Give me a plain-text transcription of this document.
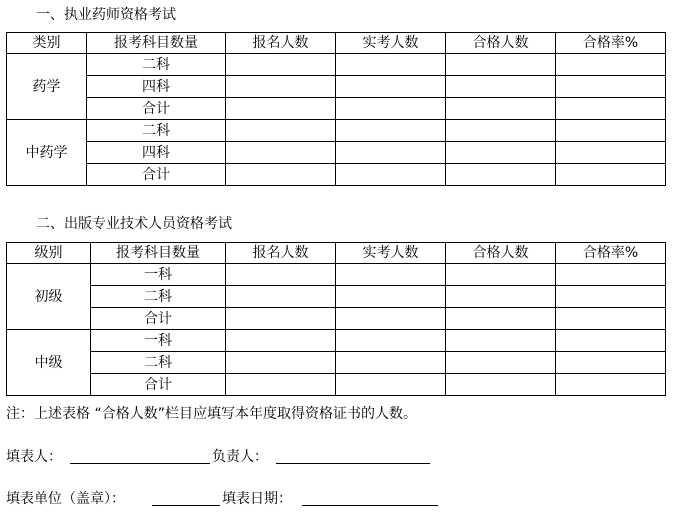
一、执业药师资格考试
类别	报考科目数量	报名人数	实考人数	合格人数	合格率%
药学	二科				
	四科				
	合计				
中药学	二科				
	四科				
	合计				
二、出版专业技术人员资格考试
级别	报考科目数量	报名人数	实考人数	合格人数	合格率%
初级	一科				
	二科				
	合计				
中级	一科				
	二科				
	合计				
注：上述表格 “合格人数”栏目应填写本年度取得资格证书的人数。
填表人：	负责人：
填表单位（盖章）：	填表日期：
